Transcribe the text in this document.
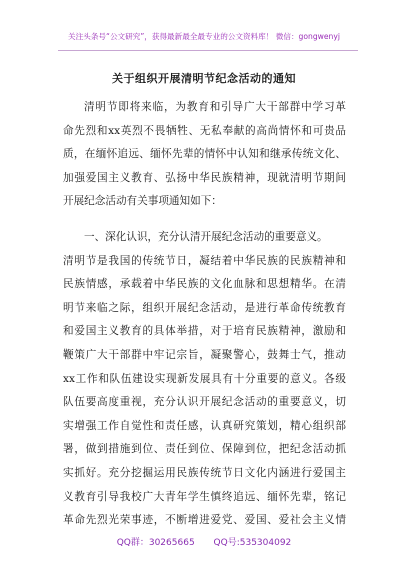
关注头条号“公文研究”，获得最新最全最专业的公文资料库！ 微信：gongwenyj
关于组织开展清明节纪念活动的通知
清明节即将来临，为教育和引导广大干部群中学习革
命先烈和xx英烈不畏牺牲、无私奉献的高尚情怀和可贵品
质，在缅怀追远、缅怀先辈的情怀中认知和继承传统文化、
加强爱国主义教育、弘扬中华民族精神，现就清明节期间
开展纪念活动有关事项通知如下：
一、深化认识，充分认清开展纪念活动的重要意义。
清明节是我国的传统节日，凝结着中华民族的民族精神和
民族情感，承载着中华民族的文化血脉和思想精华。在清
明节来临之际，组织开展纪念活动，是进行革命传统教育
和爱国主义教育的具体举措，对于培育民族精神，激励和
鞭策广大干部群中牢记宗旨，凝聚警心，鼓舞士气，推动
xx工作和队伍建设实现新发展具有十分重要的意义。各级
队伍要高度重视，充分认识开展纪念活动的重要意义，切
实增强工作自觉性和责任感，认真研究策划，精心组织部
署，做到措施到位、责任到位、保障到位，把纪念活动抓
实抓好。充分挖掘运用民族传统节日文化内涵进行爱国主
义教育引导我校广大青年学生慎终追远、缅怀先辈，铭记
革命先烈光荣事迹，不断增进爱党、爱国、爱社会主义情
QQ群：30265665 QQ号:535304092
